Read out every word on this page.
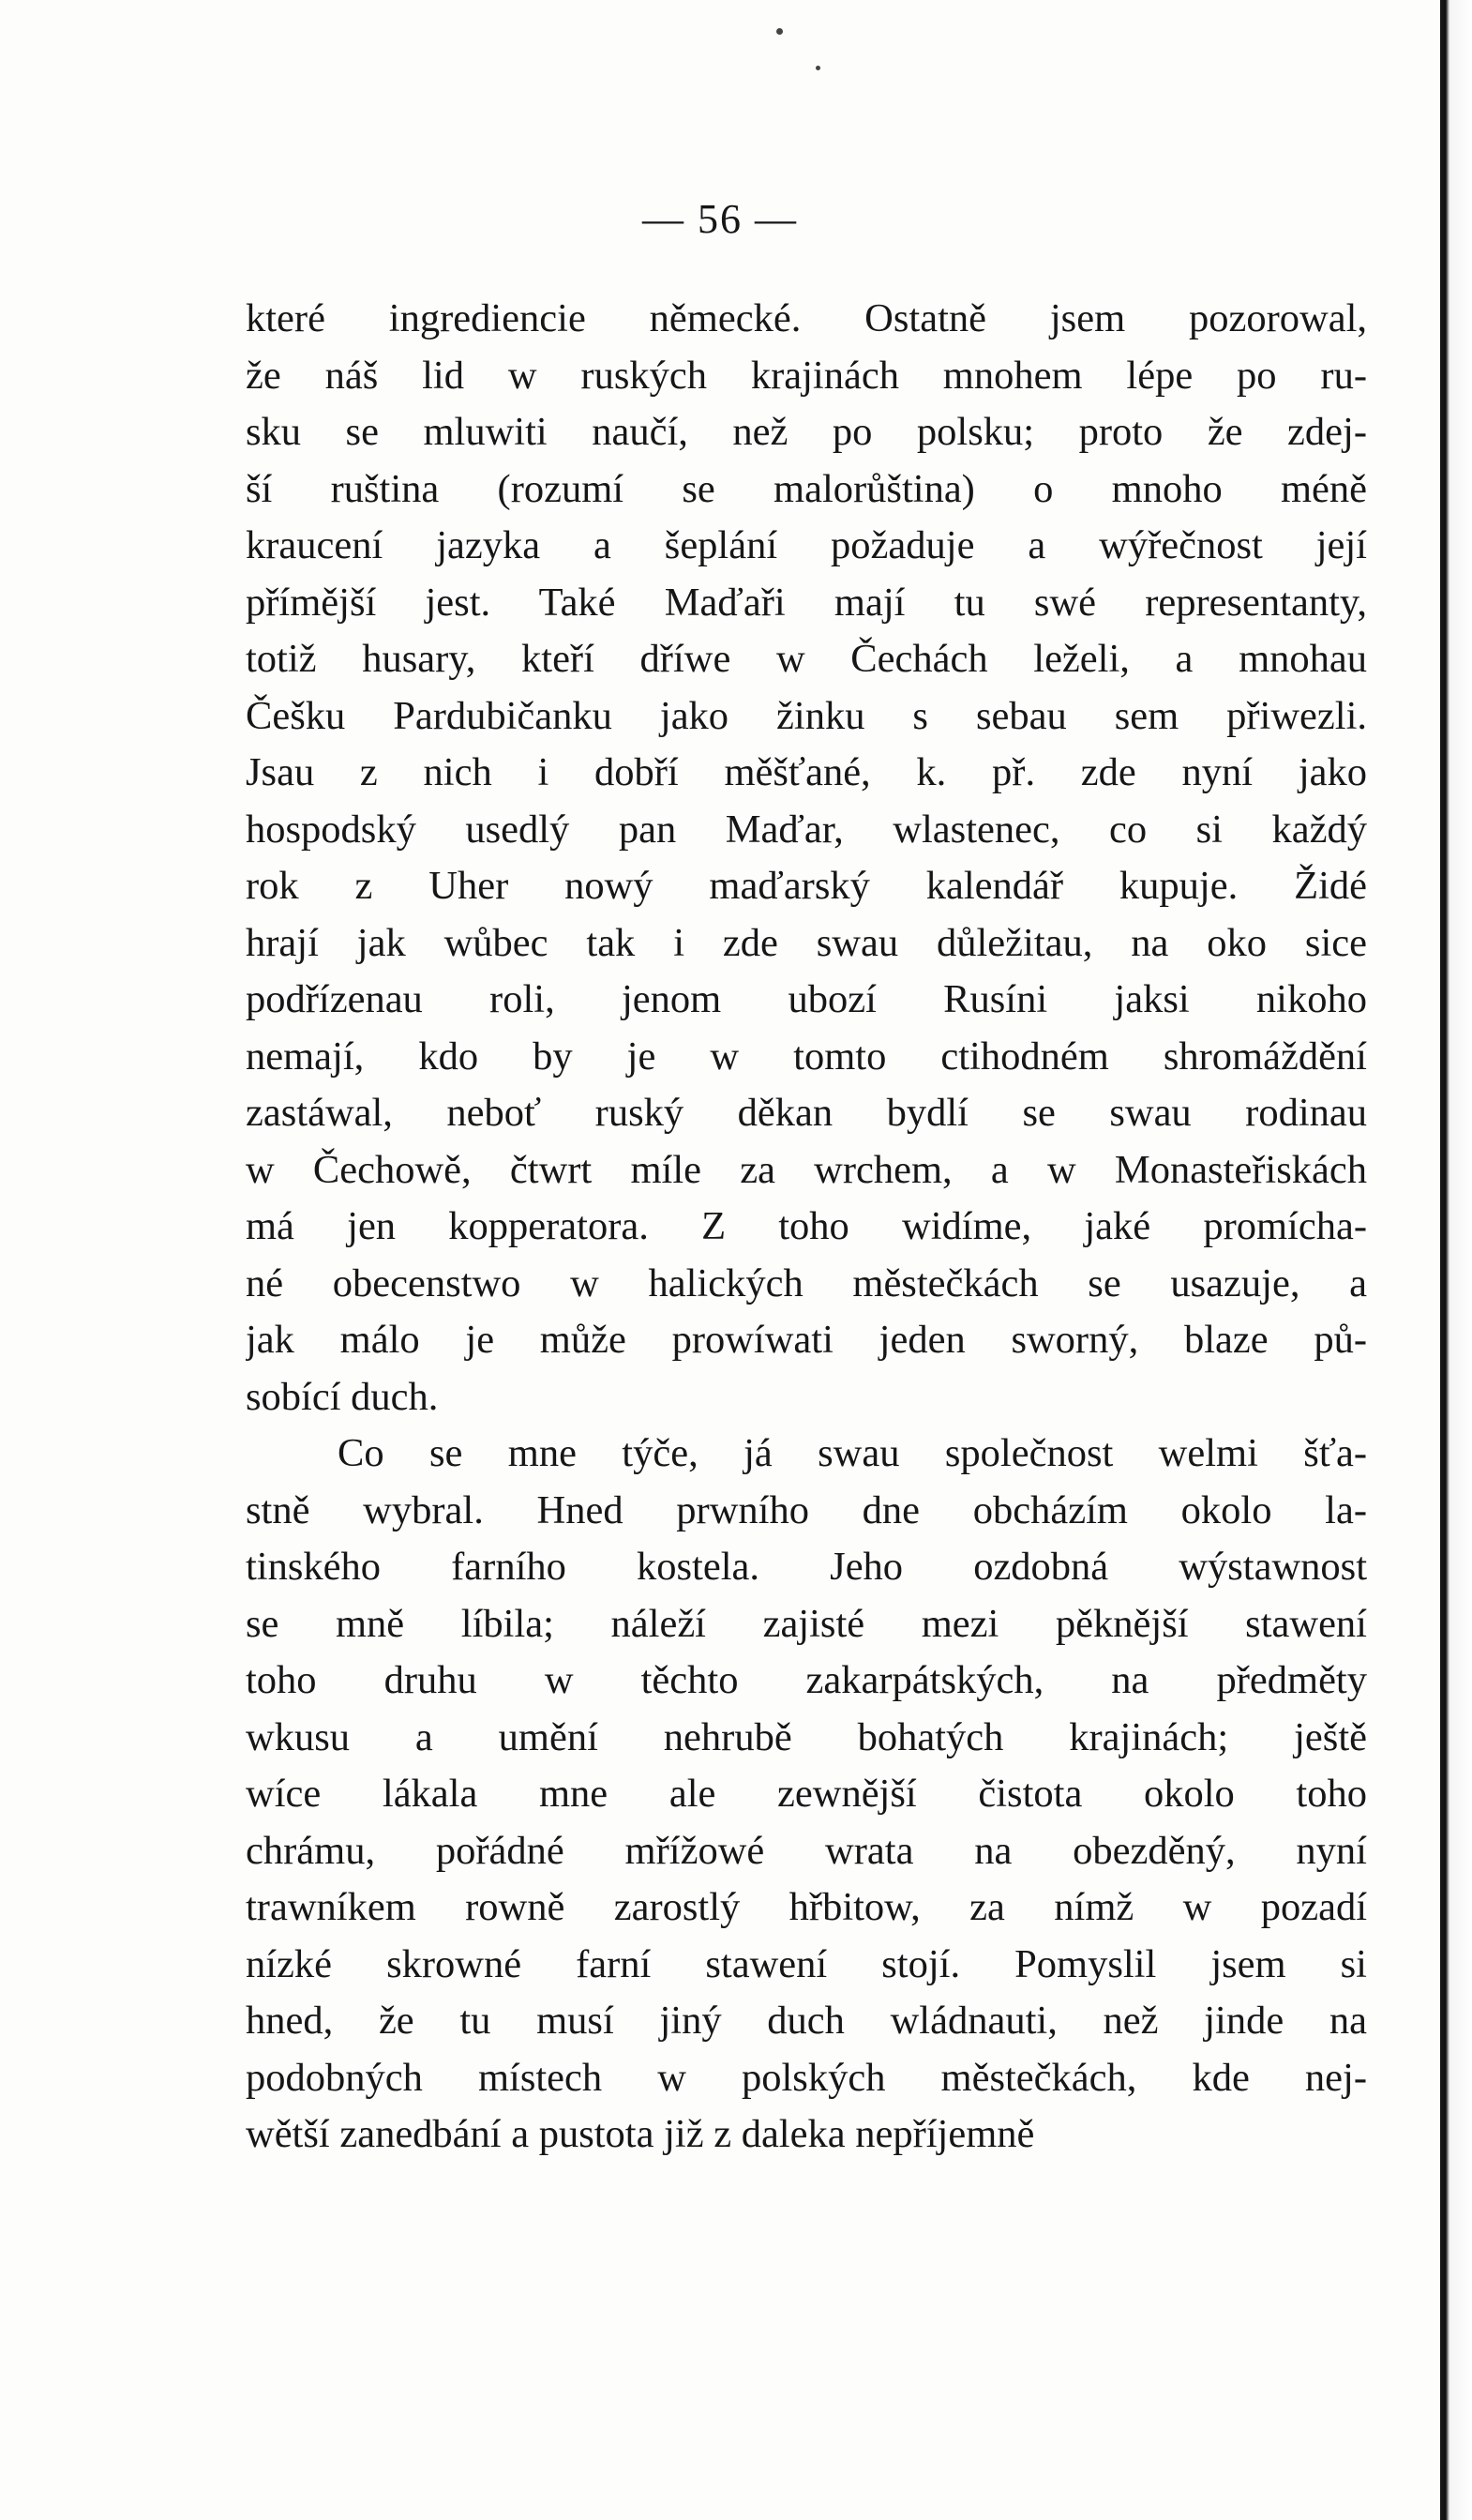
— 56 —
které ingrediencie německé. Ostatně jsem pozorowal,
že náš lid w ruských krajinách mnohem lépe po ru-
sku se mluwiti naučí, než po polsku; proto že zdej-
ší ruština (rozumí se malorůština) o mnoho méně
kraucení jazyka a šeplání požaduje a wýřečnost její
přímější jest. Také Maďaři mají tu swé representanty,
totiž husary, kteří dříwe w Čechách leželi, a mnohau
Češku Pardubičanku jako žinku s sebau sem přiwezli.
Jsau z nich i dobří měšťané, k. př. zde nyní jako
hospodský usedlý pan Maďar, wlastenec, co si každý
rok z Uher nowý maďarský kalendář kupuje. Židé
hrají jak wůbec tak i zde swau důležitau, na oko sice
podřízenau roli, jenom ubozí Rusíni jaksi nikoho
nemají, kdo by je w tomto ctihodném shromáždění
zastáwal, neboť ruský děkan bydlí se swau rodinau
w Čechowě, čtwrt míle za wrchem, a w Monasteřiskách
má jen kopperatora. Z toho widíme, jaké promícha-
né obecenstwo w halických městečkách se usazuje, a
jak málo je může prowíwati jeden sworný, blaze pů-
sobící duch.
Co se mne týče, já swau společnost welmi šťa-
stně wybral. Hned prwního dne obcházím okolo la-
tinského farního kostela. Jeho ozdobná wýstawnost
se mně líbila; náleží zajisté mezi pěknější stawení
toho druhu w těchto zakarpátských, na předměty
wkusu a umění nehrubě bohatých krajinách; ještě
wíce lákala mne ale zewnější čistota okolo toho
chrámu, pořádné mřížowé wrata na obezděný, nyní
trawníkem rowně zarostlý hřbitow, za nímž w pozadí
nízké skrowné farní stawení stojí. Pomyslil jsem si
hned, že tu musí jiný duch wládnauti, než jinde na
podobných místech w polských městečkách, kde nej-
wětší zanedbání a pustota již z daleka nepříjemně
